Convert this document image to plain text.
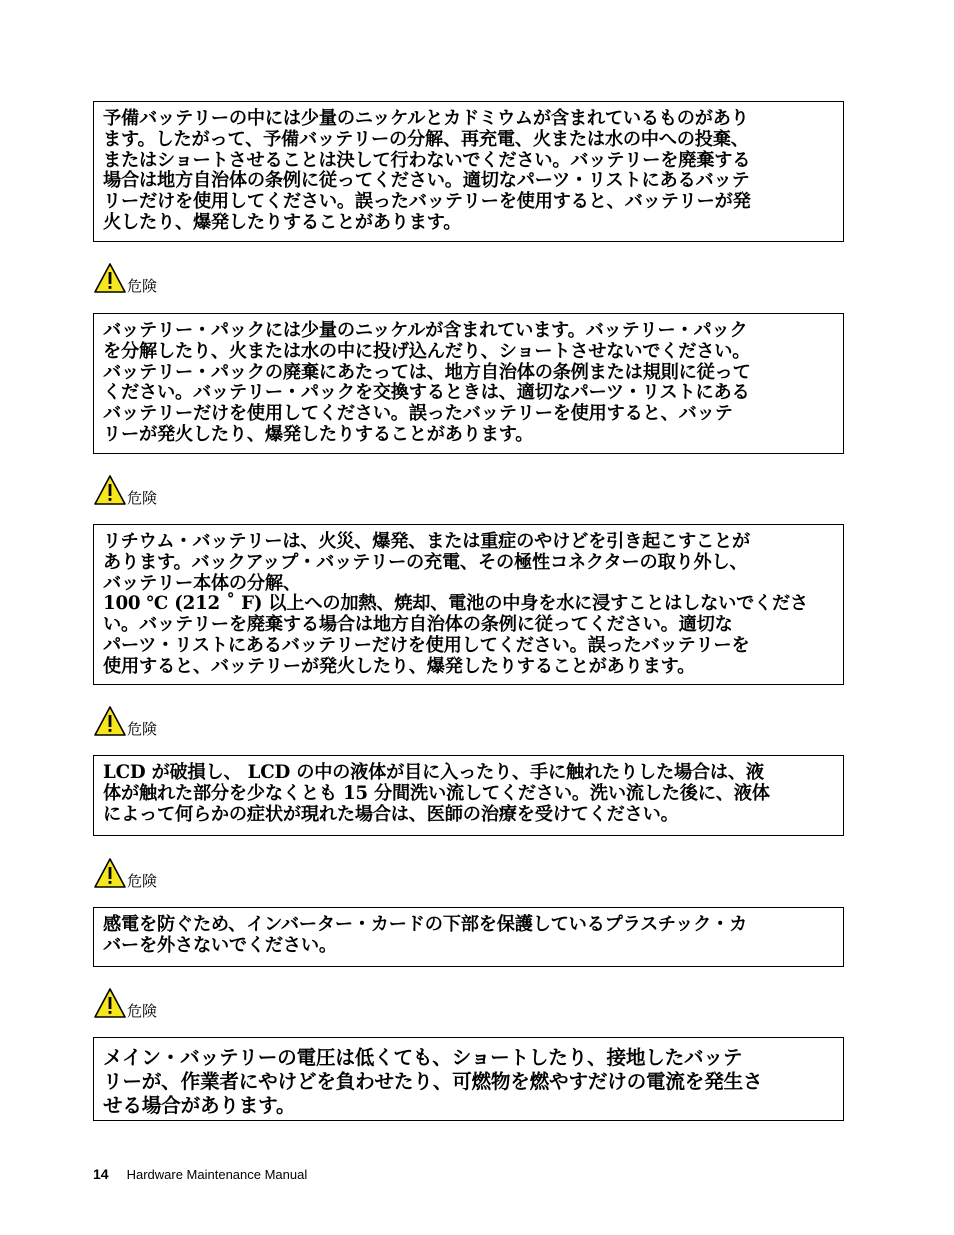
予備バッテリーの中には少量のニッケルとカドミウムが含まれているものがあり
ます。したがって、予備バッテリーの分解、再充電、火または水の中への投棄、
またはショートさせることは決して行わないでください。バッテリーを廃棄する
場合は地方自治体の条例に従ってください。適切なパーツ・リストにあるバッテ
リーだけを使用してください。誤ったバッテリーを使用すると、バッテリーが発
火したり、爆発したりすることがあります。
危険
バッテリー・パックには少量のニッケルが含まれています。バッテリー・パック
を分解したり、火または水の中に投げ込んだり、ショートさせないでください。
バッテリー・パックの廃棄にあたっては、地方自治体の条例または規則に従って
ください。バッテリー・パックを交換するときは、適切なパーツ・リストにある
バッテリーだけを使用してください。誤ったバッテリーを使用すると、バッテ
リーが発火したり、爆発したりすることがあります。
危険
リチウム・バッテリーは、火災、爆発、または重症のやけどを引き起こすことが
あります。バックアップ・バッテリーの充電、その極性コネクターの取り外し、
バッテリー本体の分解、
100 ℃ (212 ˚ F) 以上への加熱、焼却、電池の中身を水に浸すことはしないでくださ
い。バッテリーを廃棄する場合は地方自治体の条例に従ってください。適切な
パーツ・リストにあるバッテリーだけを使用してください。誤ったバッテリーを
使用すると、バッテリーが発火したり、爆発したりすることがあります。
危険
LCD が破損し、 LCD の中の液体が目に入ったり、手に触れたりした場合は、液
体が触れた部分を少なくとも 15 分間洗い流してください。洗い流した後に、液体
によって何らかの症状が現れた場合は、医師の治療を受けてください。
危険
感電を防ぐため、インバーター・カードの下部を保護しているプラスチック・カ
バーを外さないでください。
危険
メイン・バッテリーの電圧は低くても、ショートしたり、接地したバッテ
リーが、作業者にやけどを負わせたり、可燃物を燃やすだけの電流を発生さ
せる場合があります。
14 Hardware Maintenance Manual
